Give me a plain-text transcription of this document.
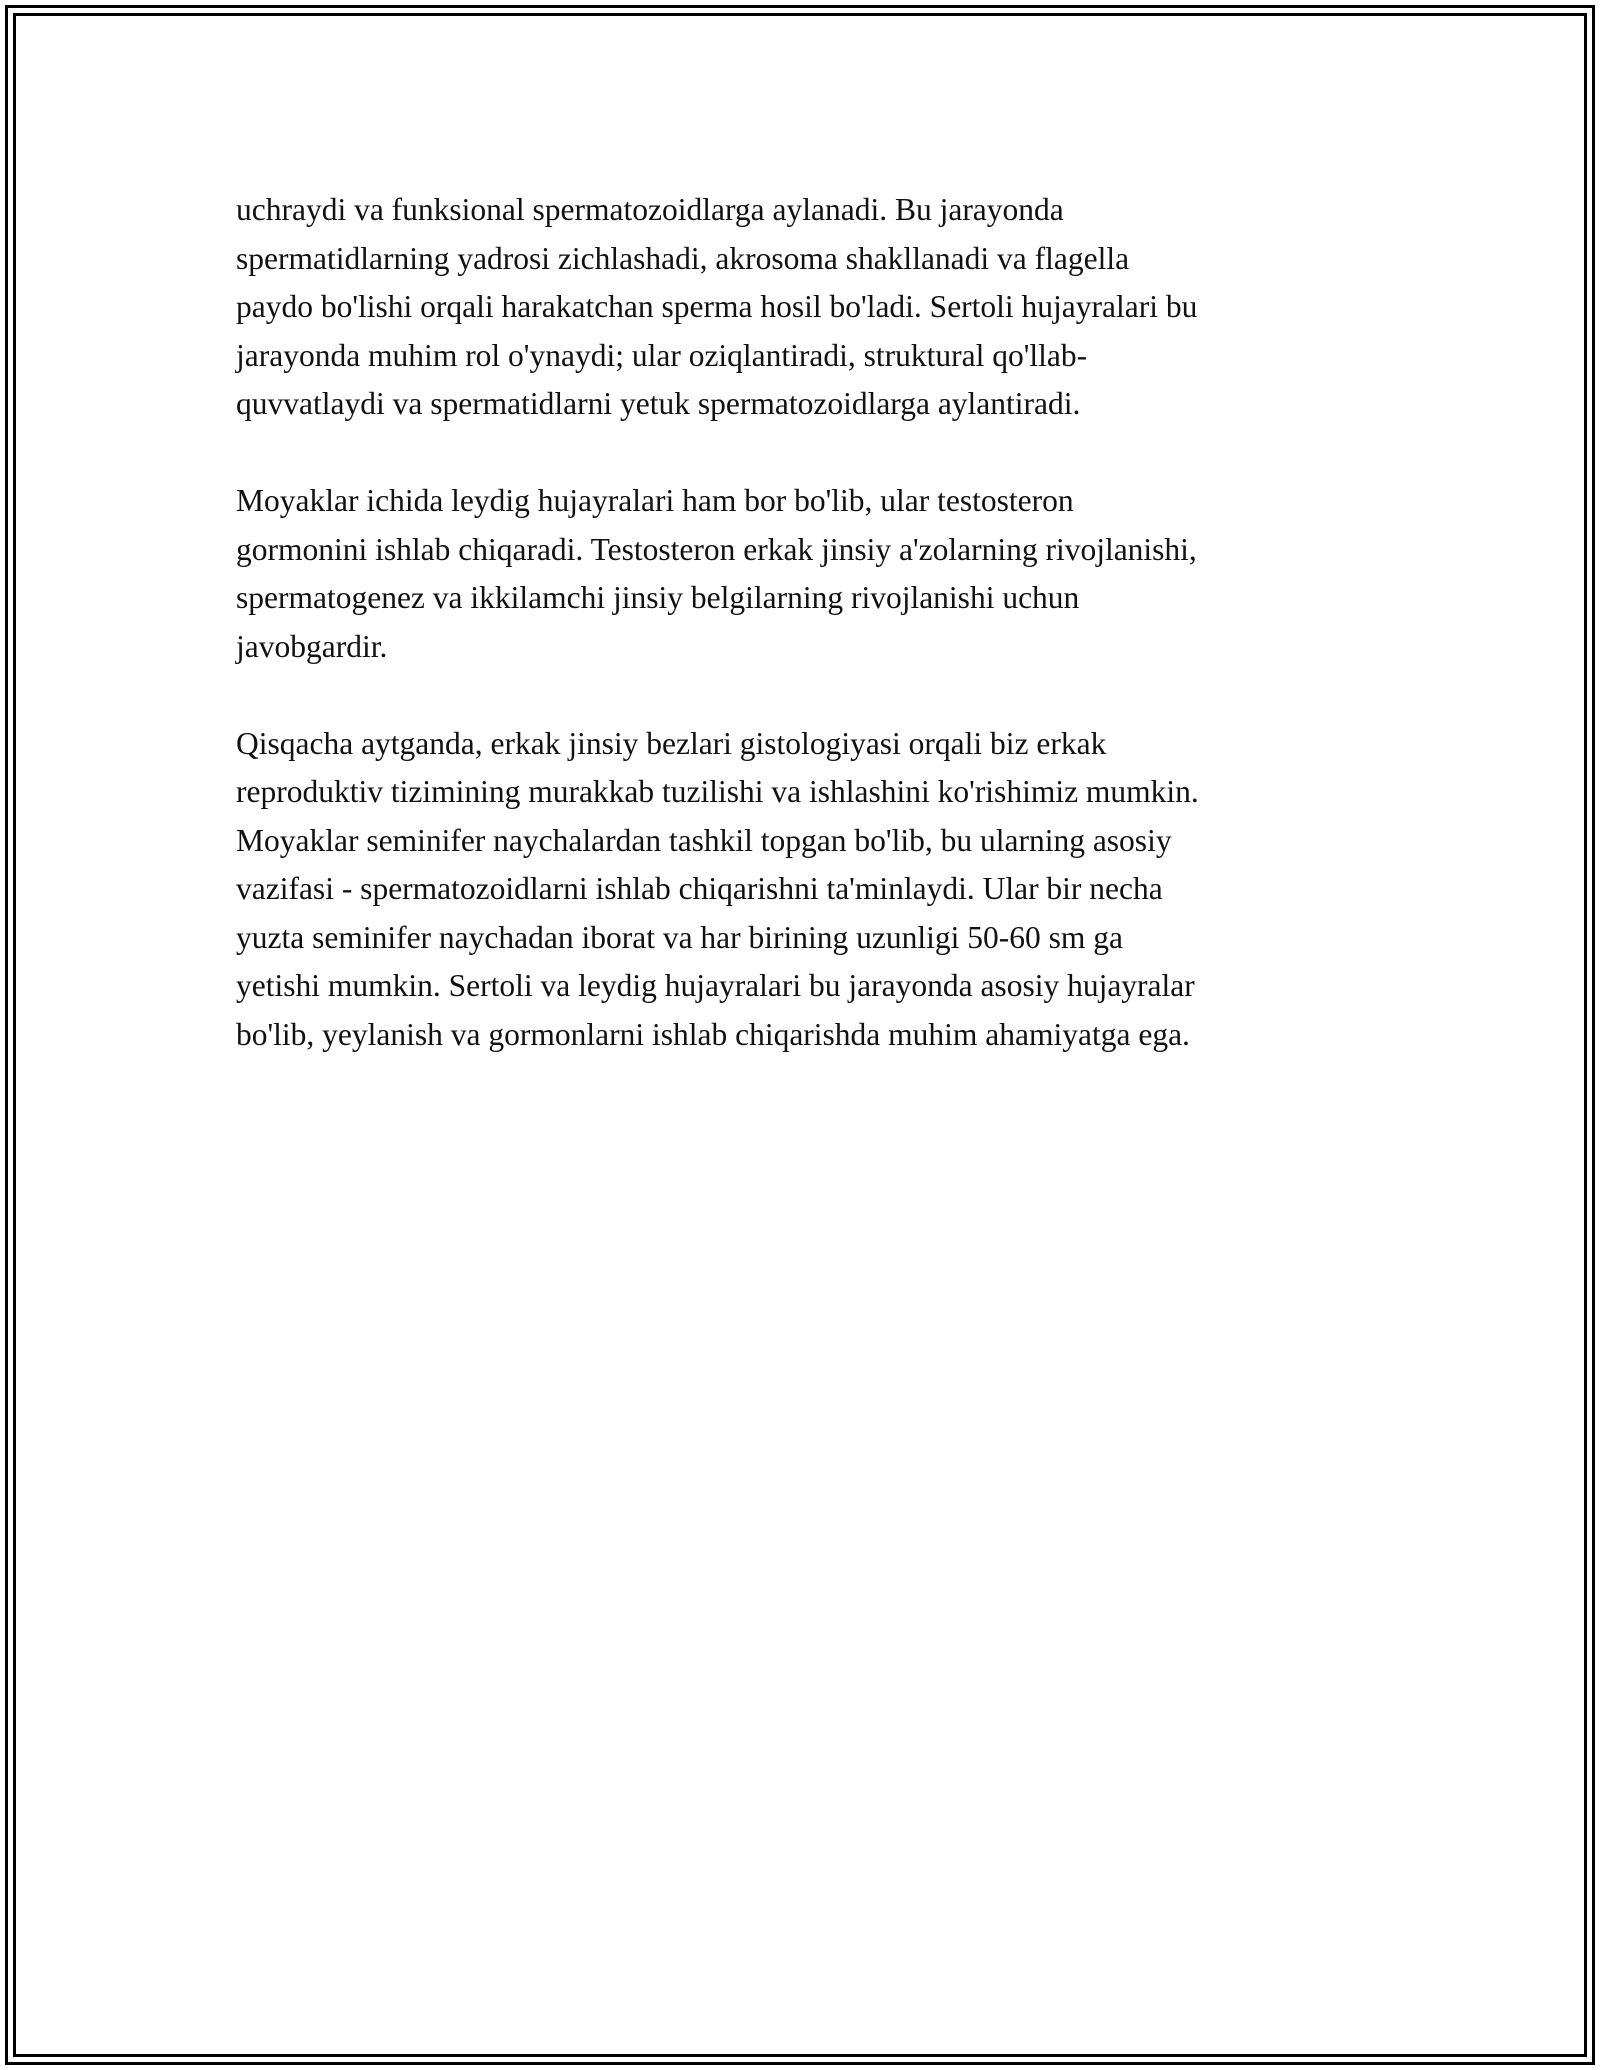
uchraydi va funksional spermatozoidlarga aylanadi. Bu jarayonda
spermatidlarning yadrosi zichlashadi, akrosoma shakllanadi va flagella
paydo bo'lishi orqali harakatchan sperma hosil bo'ladi. Sertoli hujayralari bu
jarayonda muhim rol o'ynaydi; ular oziqlantiradi, struktural qo'llab-
quvvatlaydi va spermatidlarni yetuk spermatozoidlarga aylantiradi.

Moyaklar ichida leydig hujayralari ham bor bo'lib, ular testosteron
gormonini ishlab chiqaradi. Testosteron erkak jinsiy a'zolarning rivojlanishi,
spermatogenez va ikkilamchi jinsiy belgilarning rivojlanishi uchun
javobgardir.

Qisqacha aytganda, erkak jinsiy bezlari gistologiyasi orqali biz erkak
reproduktiv tizimining murakkab tuzilishi va ishlashini ko'rishimiz mumkin.
Moyaklar seminifer naychalardan tashkil topgan bo'lib, bu ularning asosiy
vazifasi - spermatozoidlarni ishlab chiqarishni ta'minlaydi. Ular bir necha
yuzta seminifer naychadan iborat va har birining uzunligi 50-60 sm ga
yetishi mumkin. Sertoli va leydig hujayralari bu jarayonda asosiy hujayralar
bo'lib, yeylanish va gormonlarni ishlab chiqarishda muhim ahamiyatga ega.
